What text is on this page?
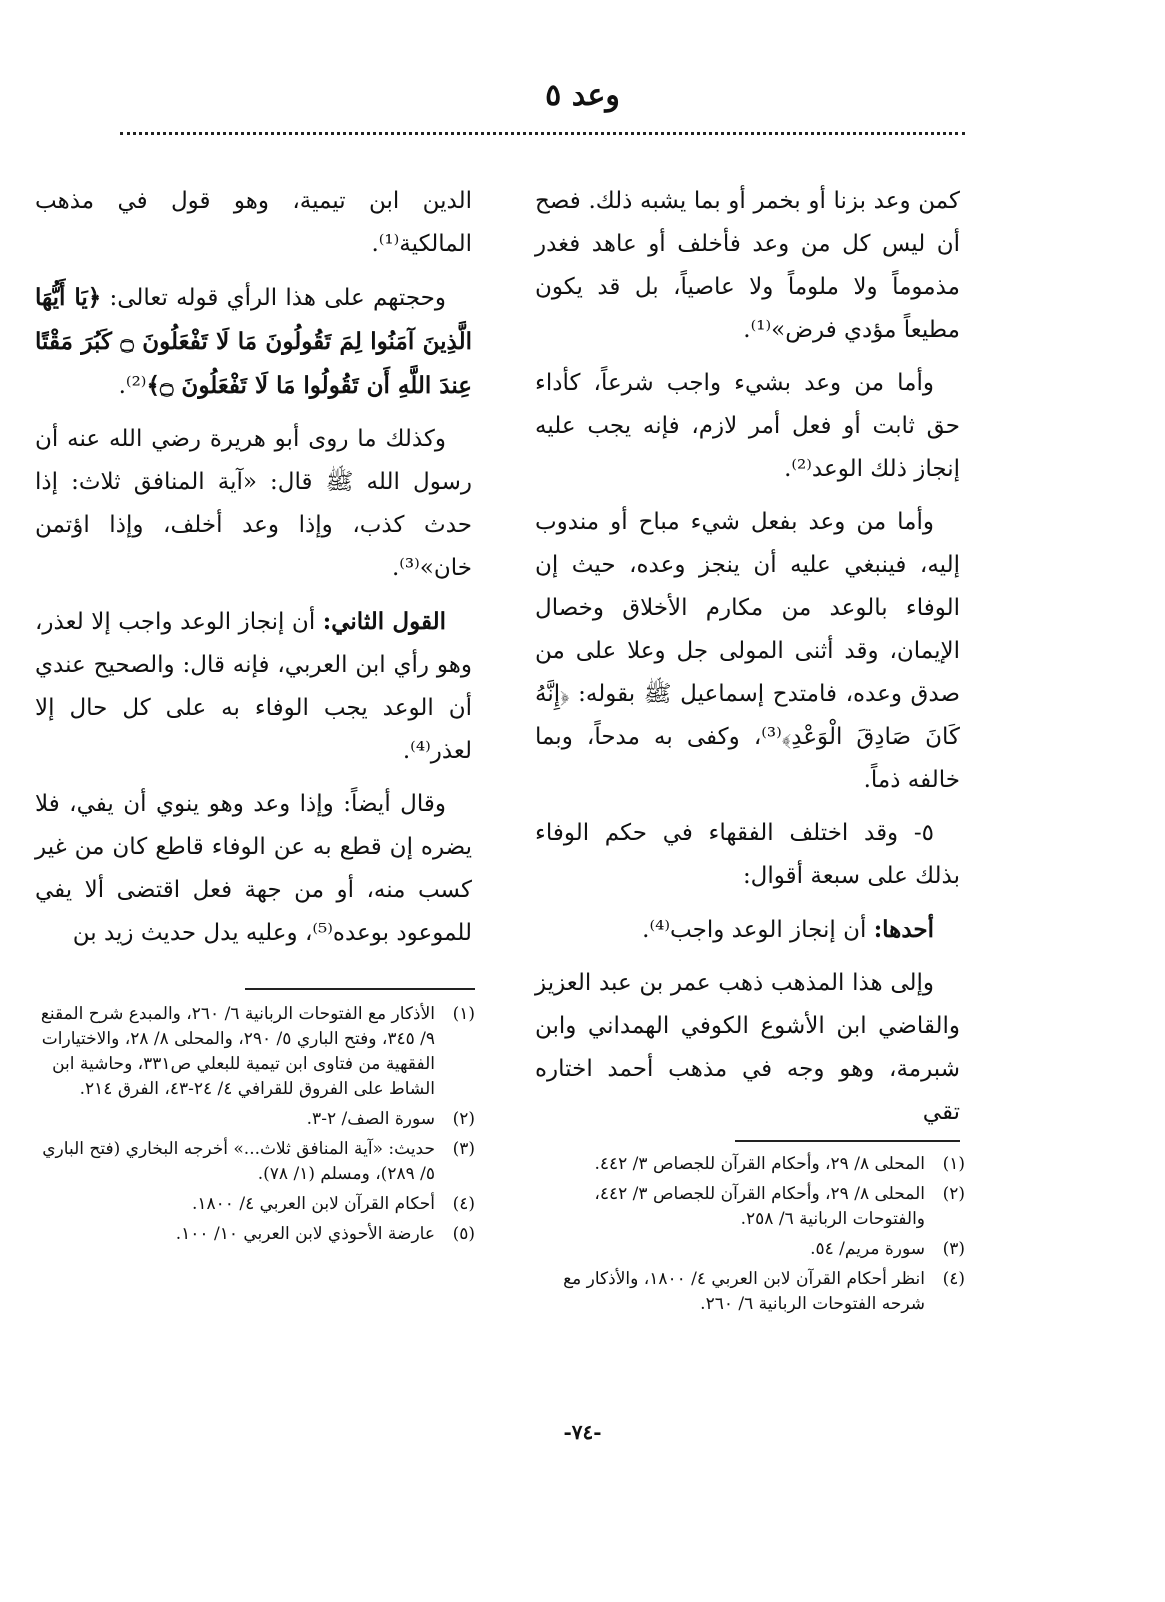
وعد ٥

كمن وعد بزنا أو بخمر أو بما يشبه ذلك. فصح أن ليس كل من وعد فأخلف أو عاهد فغدر مذموماً ولا ملوماً ولا عاصياً، بل قد يكون مطيعاً مؤدي فرض»⁽¹⁾.

وأما من وعد بشيء واجب شرعاً، كأداء حق ثابت أو فعل أمر لازم، فإنه يجب عليه إنجاز ذلك الوعد⁽²⁾.

وأما من وعد بفعل شيء مباح أو مندوب إليه، فينبغي عليه أن ينجز وعده، حيث إن الوفاء بالوعد من مكارم الأخلاق وخصال الإيمان، وقد أثنى المولى جل وعلا على من صدق وعده، فامتدح إسماعيل ﷺ بقوله: ﴿إِنَّهُ كَانَ صَادِقَ الْوَعْدِ﴾⁽³⁾، وكفى به مدحاً، وبما خالفه ذماً.

٥- وقد اختلف الفقهاء في حكم الوفاء بذلك على سبعة أقوال:

أحدها: أن إنجاز الوعد واجب⁽⁴⁾.

وإلى هذا المذهب ذهب عمر بن عبد العزيز والقاضي ابن الأشوع الكوفي الهمداني وابن شبرمة، وهو وجه في مذهب أحمد اختاره تقي

الدين ابن تيمية، وهو قول في مذهب المالكية⁽¹⁾.

وحجتهم على هذا الرأي قوله تعالى: ﴿يَا أَيُّهَا الَّذِينَ آمَنُوا لِمَ تَقُولُونَ مَا لَا تَفْعَلُونَ ۝ كَبُرَ مَقْتًا عِندَ اللَّهِ أَن تَقُولُوا مَا لَا تَفْعَلُونَ ۝﴾⁽²⁾.

وكذلك ما روى أبو هريرة رضي الله عنه أن رسول الله ﷺ قال: «آية المنافق ثلاث: إذا حدث كذب، وإذا وعد أخلف، وإذا اؤتمن خان»⁽³⁾.

القول الثاني: أن إنجاز الوعد واجب إلا لعذر، وهو رأي ابن العربي، فإنه قال: والصحيح عندي أن الوعد يجب الوفاء به على كل حال إلا لعذر⁽⁴⁾.

وقال أيضاً: وإذا وعد وهو ينوي أن يفي، فلا يضره إن قطع به عن الوفاء قاطع كان من غير كسب منه، أو من جهة فعل اقتضى ألا يفي للموعود بوعده⁽⁵⁾، وعليه يدل حديث زيد بن

(١)
المحلى ٨/ ٢٩، وأحكام القرآن للجصاص ٣/ ٤٤٢.
(٢)
المحلى ٨/ ٢٩، وأحكام القرآن للجصاص ٣/ ٤٤٢، والفتوحات الربانية ٦/ ٢٥٨.
(٣)
سورة مريم/ ٥٤.
(٤)
انظر أحكام القرآن لابن العربي ٤/ ١٨٠٠، والأذكار مع شرحه الفتوحات الربانية ٦/ ٢٦٠.
(١)
الأذكار مع الفتوحات الربانية ٦/ ٢٦٠، والمبدع شرح المقنع ٩/ ٣٤٥، وفتح الباري ٥/ ٢٩٠، والمحلى ٨/ ٢٨، والاختيارات الفقهية من فتاوى ابن تيمية للبعلي ص٣٣١، وحاشية ابن الشاط على الفروق للقرافي ٤/ ٢٤-٤٣، الفرق ٢١٤.
(٢)
سورة الصف/ ٢-٣.
(٣)
حديث: «آية المنافق ثلاث...» أخرجه البخاري (فتح الباري ٥/ ٢٨٩)، ومسلم (١/ ٧٨).
(٤)
أحكام القرآن لابن العربي ٤/ ١٨٠٠.
(٥)
عارضة الأحوذي لابن العربي ١٠/ ١٠٠.
-٧٤-
